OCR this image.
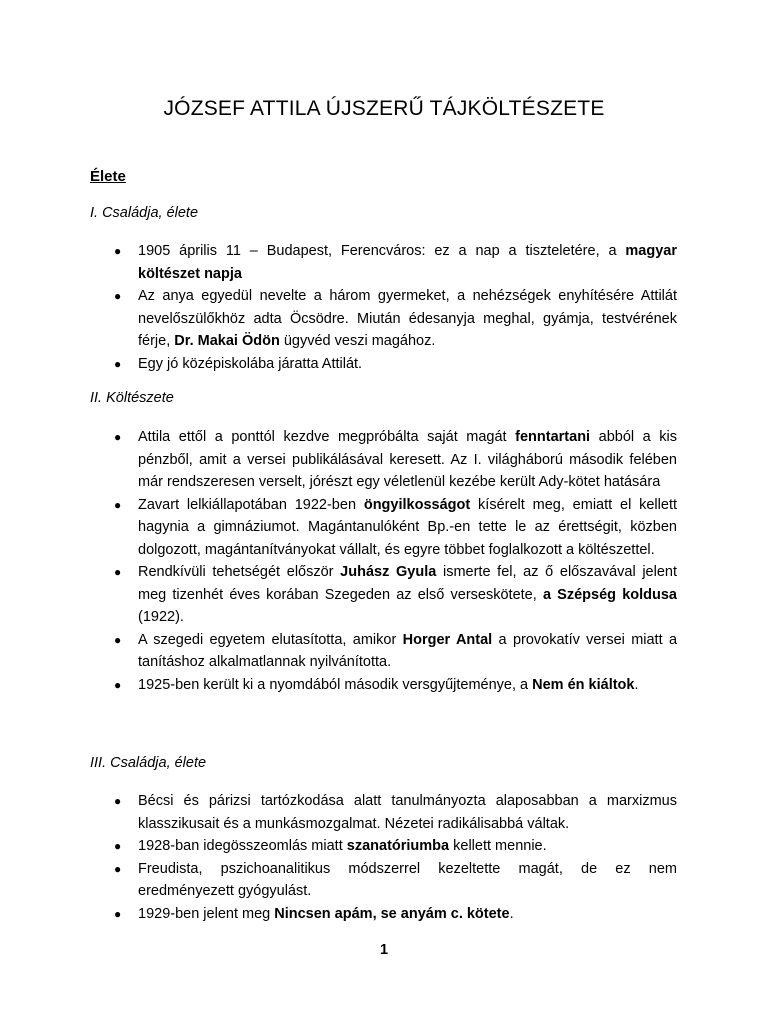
JÓZSEF ATTILA ÚJSZERŰ TÁJKÖLTÉSZETE
Élete
I. Családja, élete
● 1905 április 11 – Budapest, Ferencváros: ez a nap a tiszteletére, a magyar költészet napja
● Az anya egyedül nevelte a három gyermeket, a nehézségek enyhítésére Attilát nevelőszülőkhöz adta Öcsödre. Miután édesanyja meghal, gyámja, testvérének férje, Dr. Makai Ödön ügyvéd veszi magához.
● Egy jó középiskolába járatta Attilát.
II. Költészete
● Attila ettől a ponttól kezdve megpróbálta saját magát fenntartani abból a kis pénzből, amit a versei publikálásával keresett. Az I. világháború második felében már rendszeresen verselt, jórészt egy véletlenül kezébe került Ady-kötet hatására
● Zavart lelkiállapotában 1922-ben öngyilkosságot kísérelt meg, emiatt el kellett hagynia a gimnáziumot. Magántanulóként Bp.-en tette le az érettségit, közben dolgozott, magántanítványokat vállalt, és egyre többet foglalkozott a költészettel.
● Rendkívüli tehetségét először Juhász Gyula ismerte fel, az ő előszavával jelent meg tizenhét éves korában Szegeden az első verseskötete, a Szépség koldusa (1922).
● A szegedi egyetem elutasította, amikor Horger Antal a provokatív versei miatt a tanításhoz alkalmatlannak nyilvánította.
● 1925-ben került ki a nyomdából második versgyűjteménye, a Nem én kiáltok.
III. Családja, élete
● Bécsi és párizsi tartózkodása alatt tanulmányozta alaposabban a marxizmus klasszikusait és a munkásmozgalmat. Nézetei radikálisabbá váltak.
● 1928-ban idegösszeomlás miatt szanatóriumba kellett mennie.
● Freudista, pszichoanalitikus módszerrel kezeltette magát, de ez nem eredményezett gyógyulást.
● 1929-ben jelent meg Nincsen apám, se anyám c. kötete.
1
